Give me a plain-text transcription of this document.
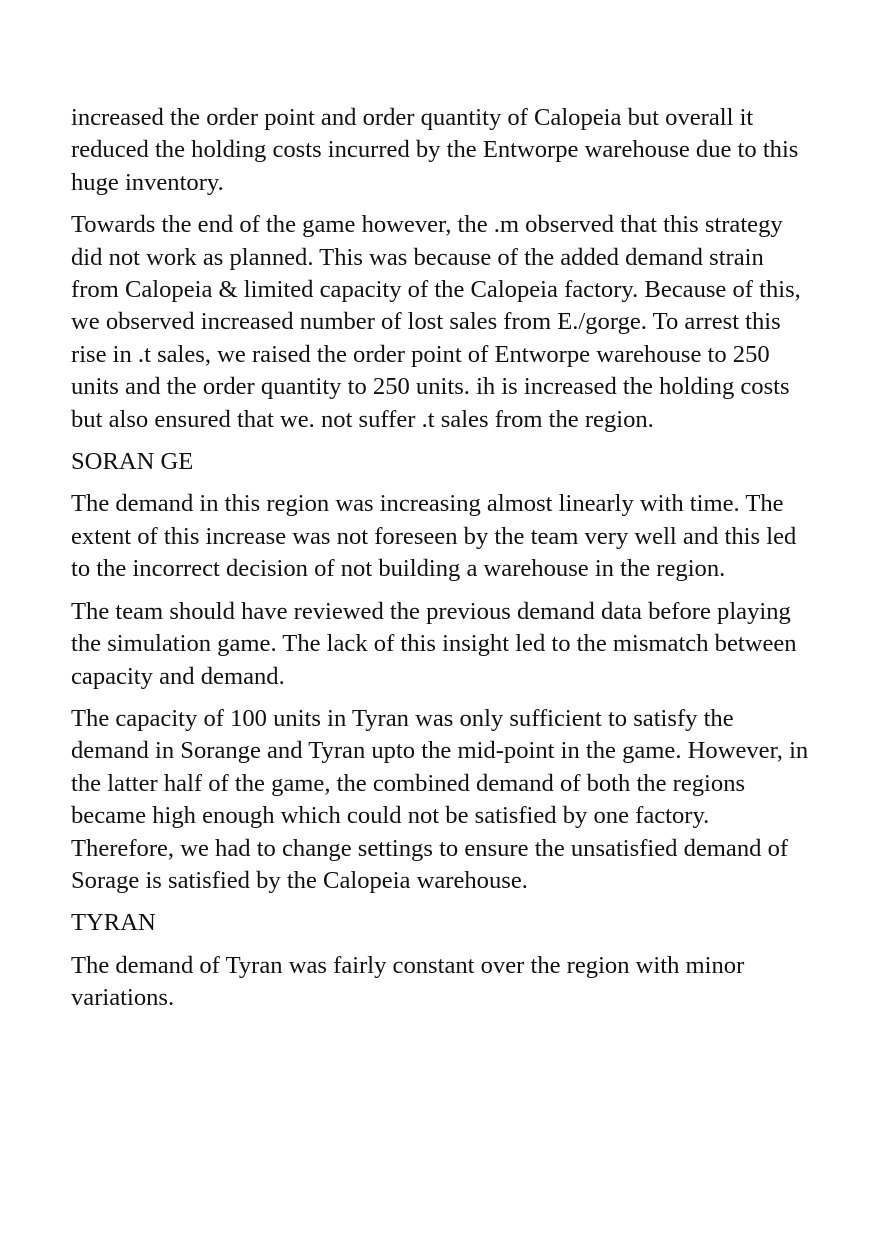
increased the order point and order quantity of Calopeia but overall it
reduced the holding costs incurred by the Entworpe warehouse due to this
huge inventory.

Towards the end of the game however, the .m observed that this strategy
did not work as planned. This was because of the added demand strain
from Calopeia & limited capacity of the Calopeia factory. Because of this,
we observed increased number of lost sales from E./gorge. To arrest this
rise in .t sales, we raised the order point of Entworpe warehouse to 250
units and the order quantity to 250 units. ih is increased the holding costs
but also ensured that we. not suffer .t sales from the region.

SORAN GE

The demand in this region was increasing almost linearly with time. The
extent of this increase was not foreseen by the team very well and this led
to the incorrect decision of not building a warehouse in the region.

The team should have reviewed the previous demand data before playing
the simulation game. The lack of this insight led to the mismatch between
capacity and demand.

The capacity of 100 units in Tyran was only sufficient to satisfy the
demand in Sorange and Tyran upto the mid-point in the game. However, in
the latter half of the game, the combined demand of both the regions
became high enough which could not be satisfied by one factory.
Therefore, we had to change settings to ensure the unsatisfied demand of
Sorage is satisfied by the Calopeia warehouse.

TYRAN

The demand of Tyran was fairly constant over the region with minor
variations.
